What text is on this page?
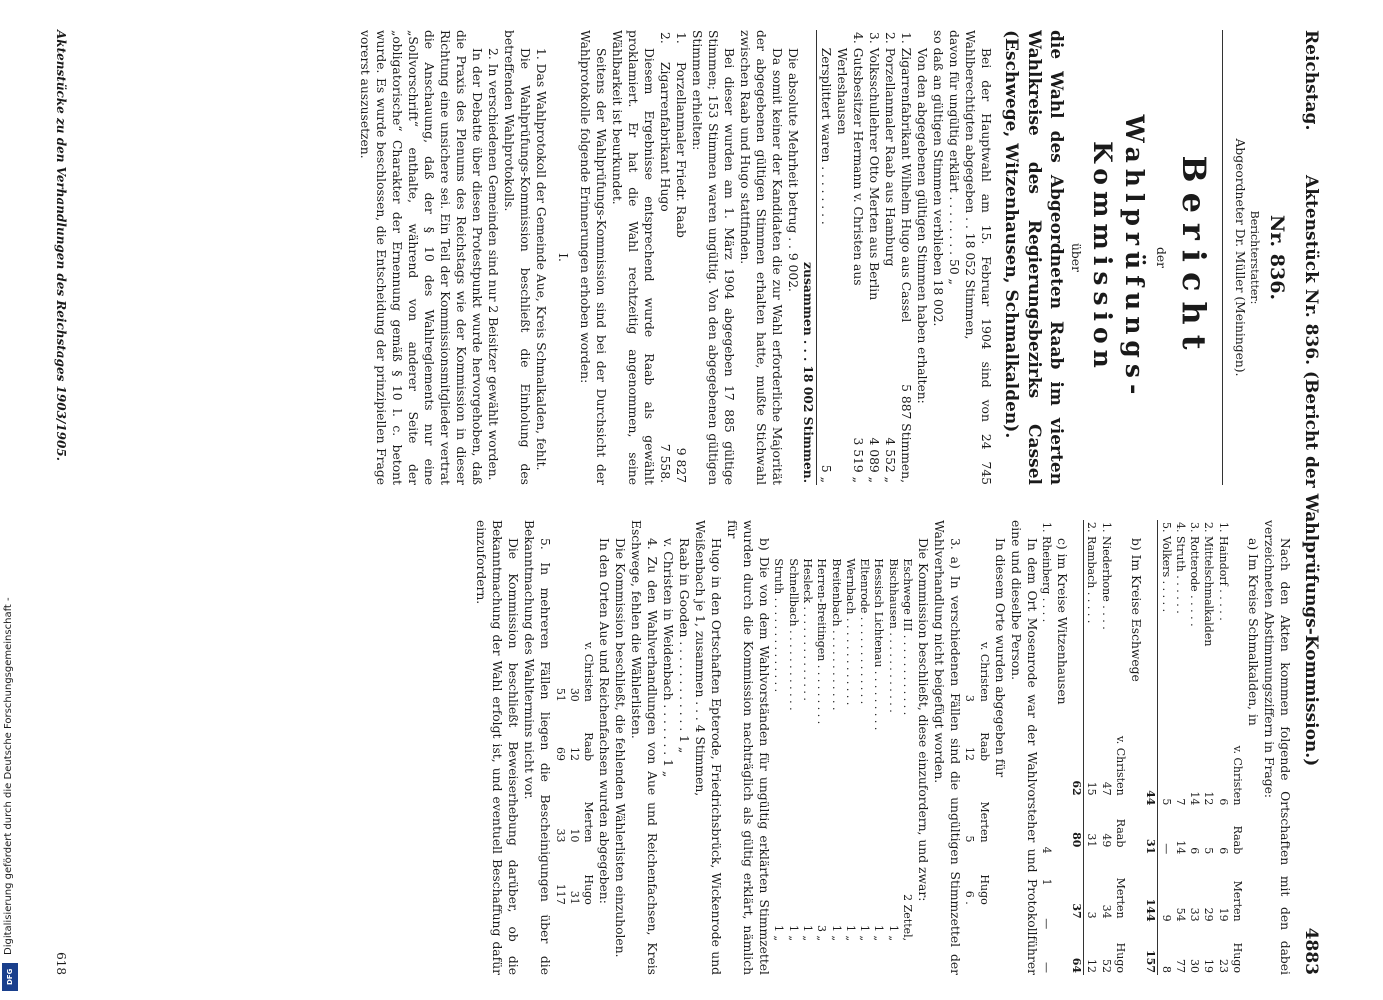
Reichstag.
Aktenstück Nr. 836. (Bericht der Wahlprüfungs-Kommission.)
4883

Nr. 836.

Berichterstatter:

Abgeordneter Dr. Müller (Meiningen).

Bericht

der

Wahlprüfungs-Kommission

über

die Wahl des Abgeordneten Raab im vierten Wahlkreise des Regierungsbezirks Cassel (Eschwege, Witzenhausen, Schmalkalden).

Bei der Hauptwahl am 15. Februar 1904 sind von 24 745 Wahlberechtigten abgegeben . . 18 052 Stimmen,

davon für ungültig erklärt . . . . . . . . 50 „

so daß an gültigen Stimmen verblieben 18 002.

Von den abgegebenen gültigen Stimmen haben erhalten:

1.	Zigarrenfabrikant Wilhelm Hugo aus Cassel	5 887 Stimmen,
2.	Porzellanmaler Raab aus Hamburg	4 552 „
3.	Volksschullehrer Otto Merten aus Berlin	4 089 „
4.	Gutsbesitzer Hermann v. Christen aus Werleshausen	3 519 „
	Zersplittert waren . . . . . . . .	5 „
	zusammen . . .	18 002 Stimmen.

Die absolute Mehrheit betrug . . 9 002.

Da somit keiner der Kandidaten die zur Wahl erforderliche Majorität der abgegebenen gültigen Stimmen erhalten hatte, mußte Stichwahl zwischen Raab und Hugo stattfinden.

Bei dieser wurden am 1. März 1904 abgegeben 17 885 gültige Stimmen; 153 Stimmen waren ungültig. Von den abgegebenen gültigen Stimmen erhielten:

1.	Porzellanmaler Friedr. Raab	9 827
2.	Zigarrenfabrikant Hugo	7 558.

Diesem Ergebnisse entsprechend wurde Raab als gewählt proklamiert. Er hat die Wahl rechtzeitig angenommen, seine Wählbarkeit ist beurkundet.

Seitens der Wahlprüfungs-Kommission sind bei der Durchsicht der Wahlprotokolle folgende Erinnerungen erhoben worden:

I.

1. Das Wahlprotokoll der Gemeinde Aue, Kreis Schmalkalden, fehlt.

Die Wahlprüfungs-Kommission beschließt die Einholung des betreffenden Wahlprotokolls.

2. In verschiedenen Gemeinden sind nur 2 Beisitzer gewählt worden.

In der Debatte über diesen Protestpunkt wurde hervorgehoben, daß die Praxis des Plenums des Reichstags wie der Kommission in dieser Richtung eine unsichere sei. Ein Teil der Kommissionsmitglieder vertrat die Anschauung, daß der § 10 des Wahlreglements nur eine „Sollvorschrift“ enthalte, während von anderer Seite der „obligatorische“ Charakter der Ernennung gemäß § 10 l. c. betont wurde. Es wurde beschlossen, die Entscheidung der prinzipiellen Frage vorerst auszusetzen.

Nach den Akten kommen folgende Ortschaften mit den dabei verzeichneten Abstimmungsziffern in Frage:

a) Im Kreise Schmalkalden, in

	v. Christen	Raab	Merten	Hugo
1. Haindorf . . . . .	6	6	19	23
2. Mittelschmalkalden	12	5	29	19
3. Rotterode . . . . .	14	6	33	30
4. Struth . . . . . .	7	14	54	77
5. Volkers . . . . .	5	—	9	8
	44	31	144	157

b) Im Kreise Eschwege

	v. Christen	Raab	Merten	Hugo
1. Niederhone . . . .	47	49	34	52
2. Rambach . . . . .	15	31	3	12
	62	80	37	64

c) im Kreise Witzenhausen

1. Rheinberg . . . .	4	1	—	—

In dem Ort Mosenrode war der Wahlvorsteher und Protokollführer eine und dieselbe Person.

In diesem Orte wurden abgegeben für

v. Christen	Raab	Merten	Hugo
3	12	5	6 .

3. a) In verschiedenen Fällen sind die ungültigen Stimmzettel der Wahlverhandlung nicht beigefügt worden.

Die Kommission beschließt, diese einzufordern, und zwar:

Eschwege III . . . . . . . . . . . .	2 Zettel,
Bischhausen . . . . . . . . . . . .	1 „
Hessisch Lichtenau . . . . . . . . .	1 „
Eltenrode . . . . . . . . . . . . .	1 „
Wernbach . . . . . . . . . . . . .	1 „
Breitenbach . . . . . . . . . . . .	1 „
Herren-Breitingen . . . . . . . . .	3 „
Hesleck . . . . . . . . . . . . . .	1 „
Schnellbach . . . . . . . . . . . .	1 „
Struth . . . . . . . . . . . . . .	1 „

b) Die von dem Wahlvorständen für ungültig erklärten Stimmzettel wurden durch die Kommission nachträglich als gültig erklärt, nämlich für

Hugo in den Ortschaften Epterode, Friedrichsbrück, Wickenrode und Weißenbach je 1, zusammen . . . 4 Stimmen,

Raab in Gooden . . . . . . . . . . . . 1 „

v. Christen in Weidenbach . . . . . . . 1 „

4. Zu den Wahlverhandlungen von Aue und Reichenfachsen, Kreis Eschwege, fehlen die Wählerlisten.

Die Kommission beschließt, die fehlenden Wählerlisten einzuholen.

In den Orten Aue und Reichenfachsen wurden abgegeben:

v. Christen	Raab	Merten	Hugo
30	12	10	31
51	69	33	117

5. In mehreren Fällen liegen die Bescheinigungen über die Bekanntmachung des Wahltermins nicht vor.

Die Kommission beschließt Beweiserhebung darüber, ob die Bekanntmachung der Wahl erfolgt ist, und eventuell Beschaffung dafür einzufordern.

Aktenstücke zu den Verhandlungen des Reichstages 1903/1905.
618
Digitalisierung gefördert durch die Deutsche Forschungsgemeinschaft -
DFG
